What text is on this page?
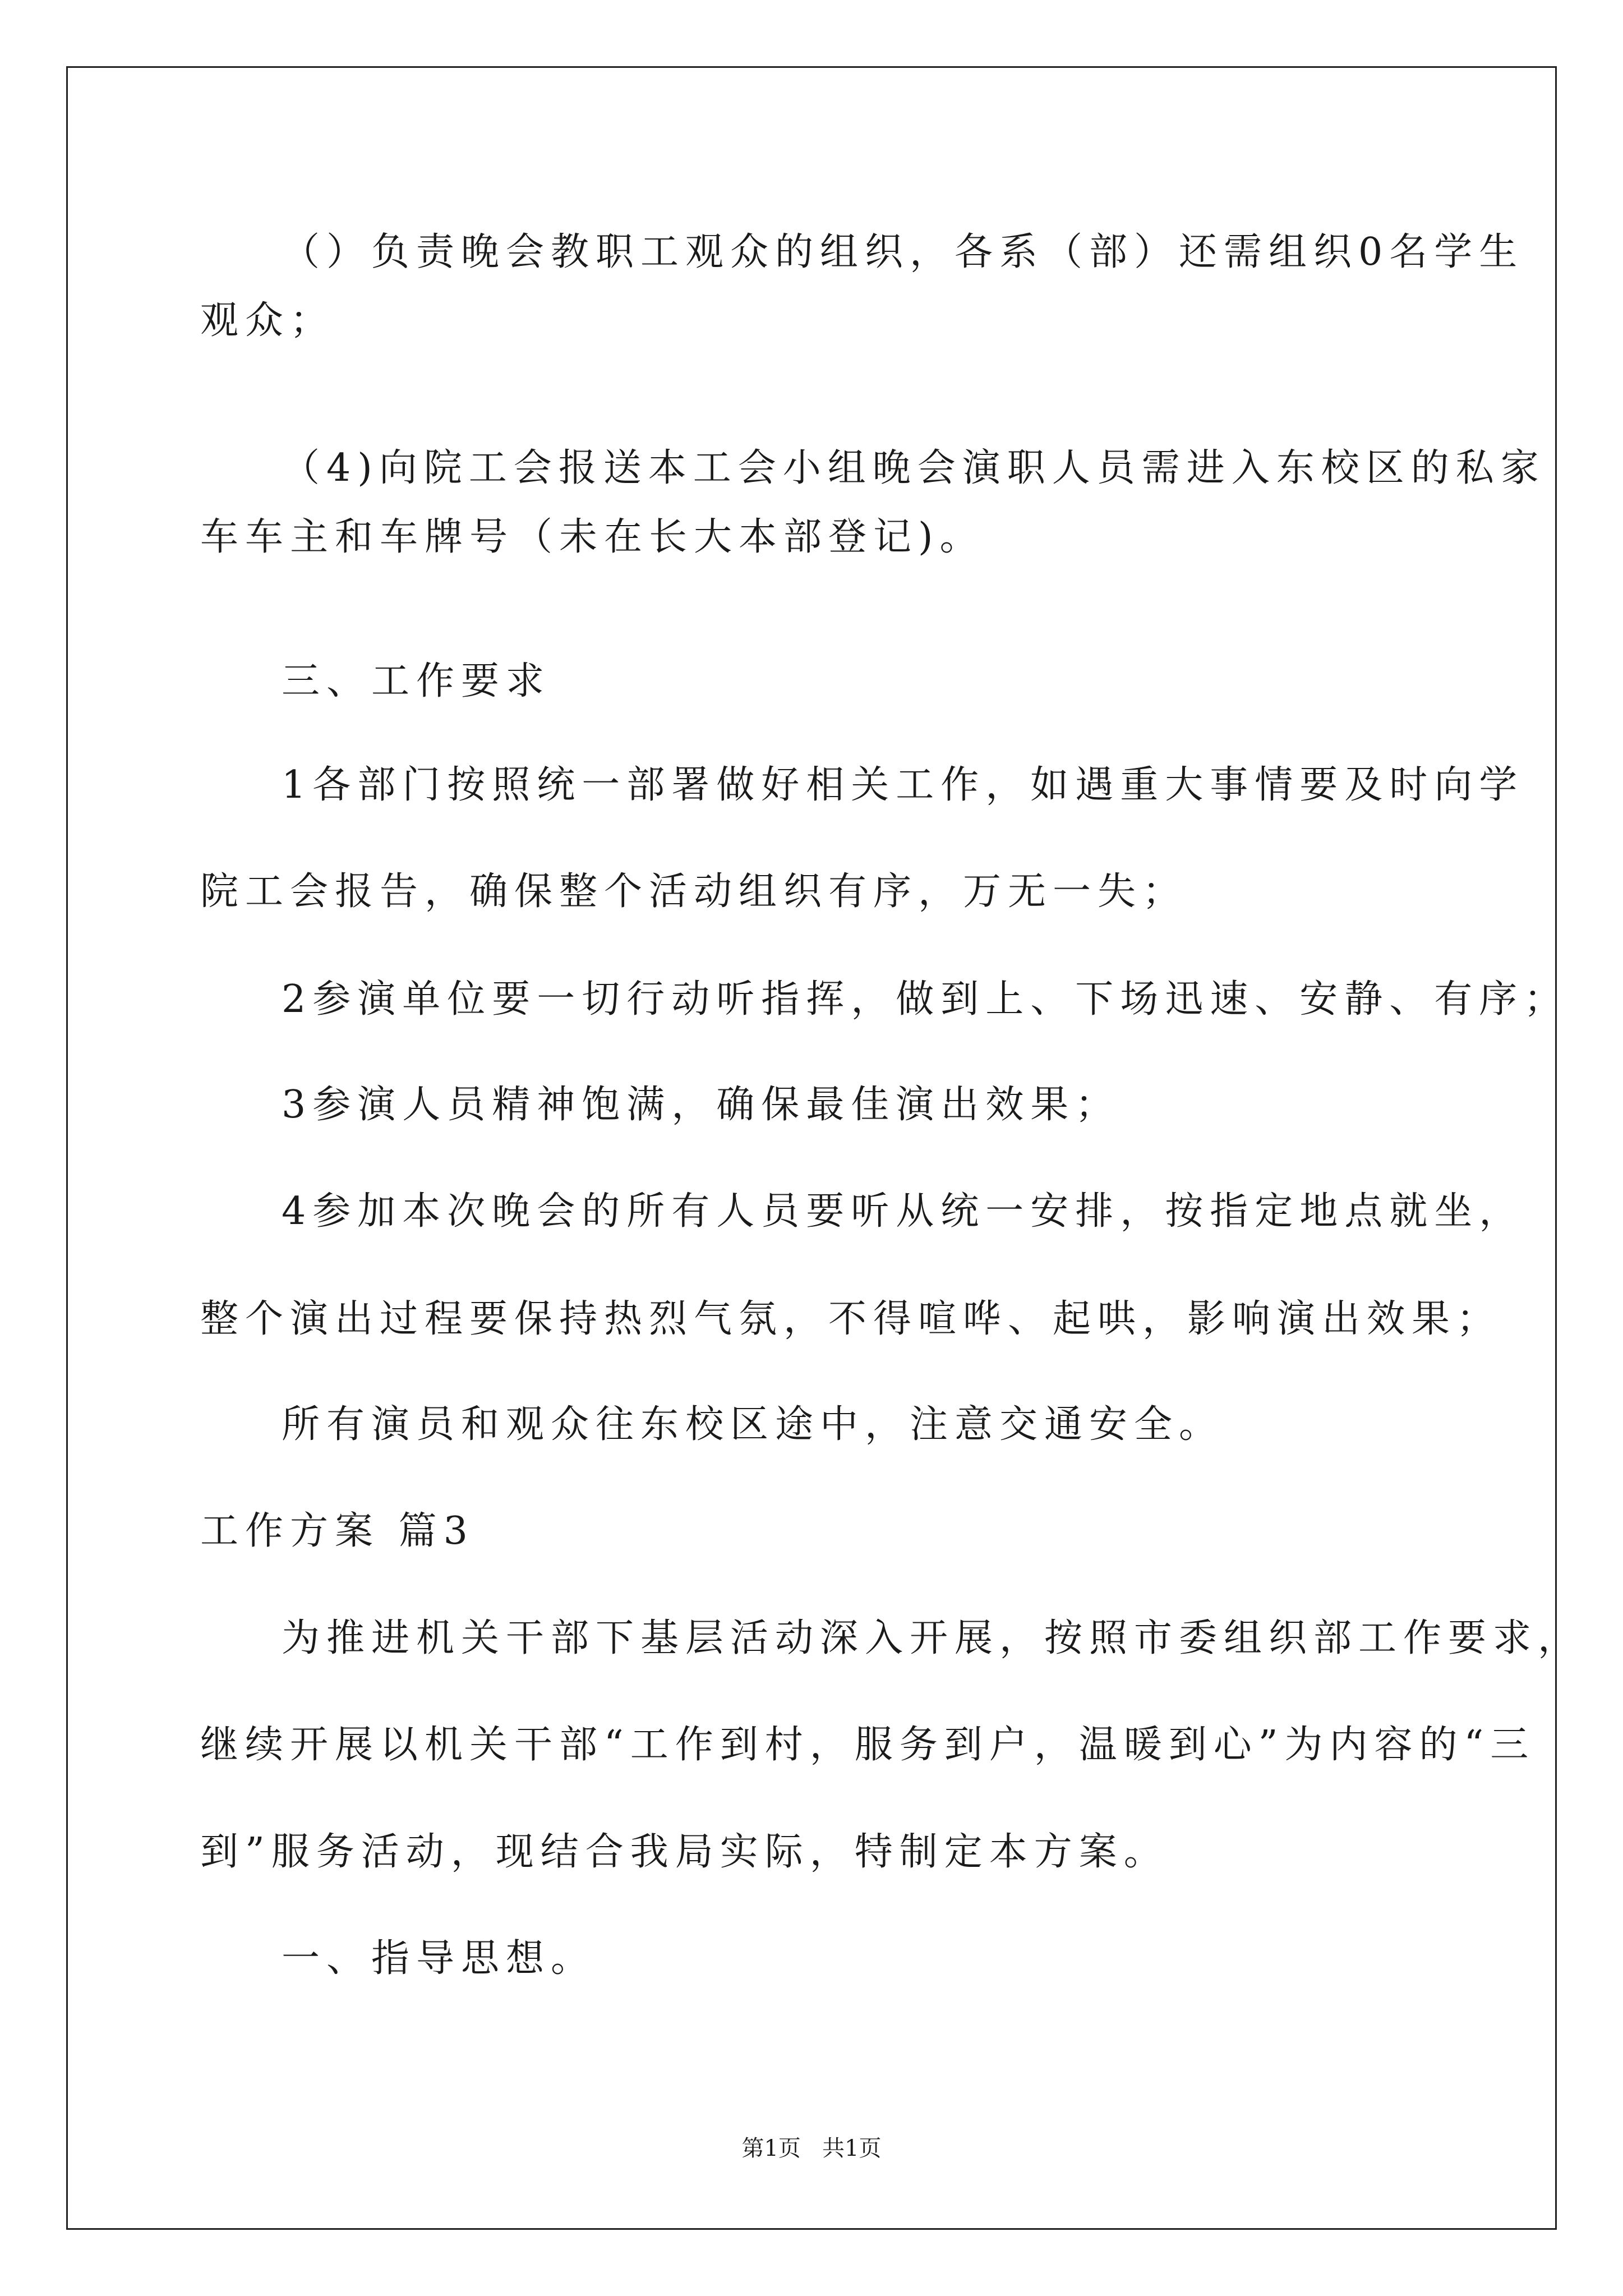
（）负责晚会教职工观众的组织，各系（部）还需组织0名学生
观众；
（4)向院工会报送本工会小组晚会演职人员需进入东校区的私家
车车主和车牌号（未在长大本部登记)。
三、工作要求
1各部门按照统一部署做好相关工作，如遇重大事情要及时向学
院工会报告，确保整个活动组织有序，万无一失；
2参演单位要一切行动听指挥，做到上、下场迅速、安静、有序；
3参演人员精神饱满，确保最佳演出效果；
4参加本次晚会的所有人员要听从统一安排，按指定地点就坐，
整个演出过程要保持热烈气氛，不得喧哗、起哄，影响演出效果；
所有演员和观众往东校区途中，注意交通安全。
工作方案 篇3
为推进机关干部下基层活动深入开展，按照市委组织部工作要求，
继续开展以机关干部“工作到村，服务到户，温暖到心”为内容的“三
到”服务活动，现结合我局实际，特制定本方案。
一、指导思想。
第1页   共1页
